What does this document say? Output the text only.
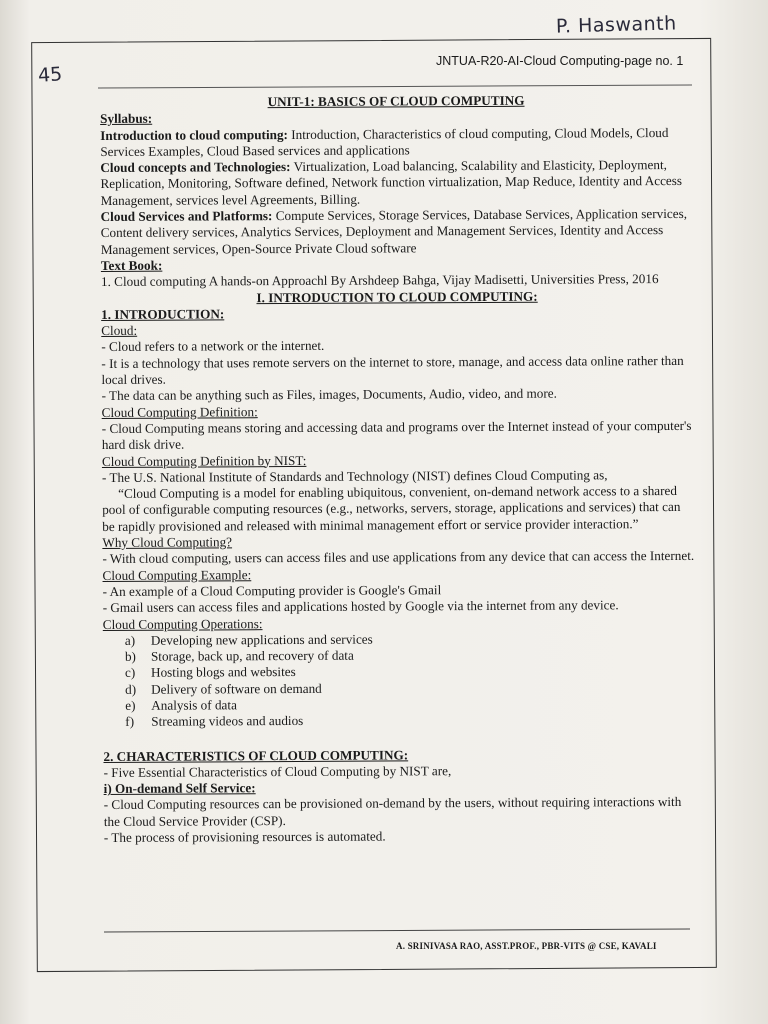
P. Haswanth
45
JNTUA-R20-AI-Cloud Computing-page no. 1

UNIT-1: BASICS OF CLOUD COMPUTING

Syllabus:

Introduction to cloud computing: Introduction, Characteristics of cloud computing, Cloud Models, Cloud Services Examples, Cloud Based services and applications

Cloud concepts and Technologies: Virtualization, Load balancing, Scalability and Elasticity, Deployment, Replication, Monitoring, Software defined, Network function virtualization, Map Reduce, Identity and Access Management, services level Agreements, Billing.

Cloud Services and Platforms: Compute Services, Storage Services, Database Services, Application services, Content delivery services, Analytics Services, Deployment and Management Services, Identity and Access Management services, Open-Source Private Cloud software

Text Book:

1. Cloud computing A hands-on Approachl By Arshdeep Bahga, Vijay Madisetti, Universities Press, 2016

I. INTRODUCTION TO CLOUD COMPUTING:

1. INTRODUCTION:

Cloud:

- Cloud refers to a network or the internet.

- It is a technology that uses remote servers on the internet to store, manage, and access data online rather than local drives.

- The data can be anything such as Files, images, Documents, Audio, video, and more.

Cloud Computing Definition:

- Cloud Computing means storing and accessing data and programs over the Internet instead of your computer's hard disk drive.

Cloud Computing Definition by NIST:

- The U.S. National Institute of Standards and Technology (NIST) defines Cloud Computing as,

“Cloud Computing is a model for enabling ubiquitous, convenient, on-demand network access to a shared pool of configurable computing resources (e.g., networks, servers, storage, applications and services) that can be rapidly provisioned and released with minimal management effort or service provider interaction.”

Why Cloud Computing?

- With cloud computing, users can access files and use applications from any device that can access the Internet.

Cloud Computing Example:

- An example of a Cloud Computing provider is Google's Gmail

- Gmail users can access files and applications hosted by Google via the internet from any device.

Cloud Computing Operations:

a) Developing new applications and services
b) Storage, back up, and recovery of data
c) Hosting blogs and websites
d) Delivery of software on demand
e) Analysis of data
f) Streaming videos and audios

2. CHARACTERISTICS OF CLOUD COMPUTING:

- Five Essential Characteristics of Cloud Computing by NIST are,

i) On-demand Self Service:

- Cloud Computing resources can be provisioned on-demand by the users, without requiring interactions with the Cloud Service Provider (CSP).

- The process of provisioning resources is automated.

A. SRINIVASA RAO, ASST.PROF., PBR-VITS @ CSE, KAVALI
